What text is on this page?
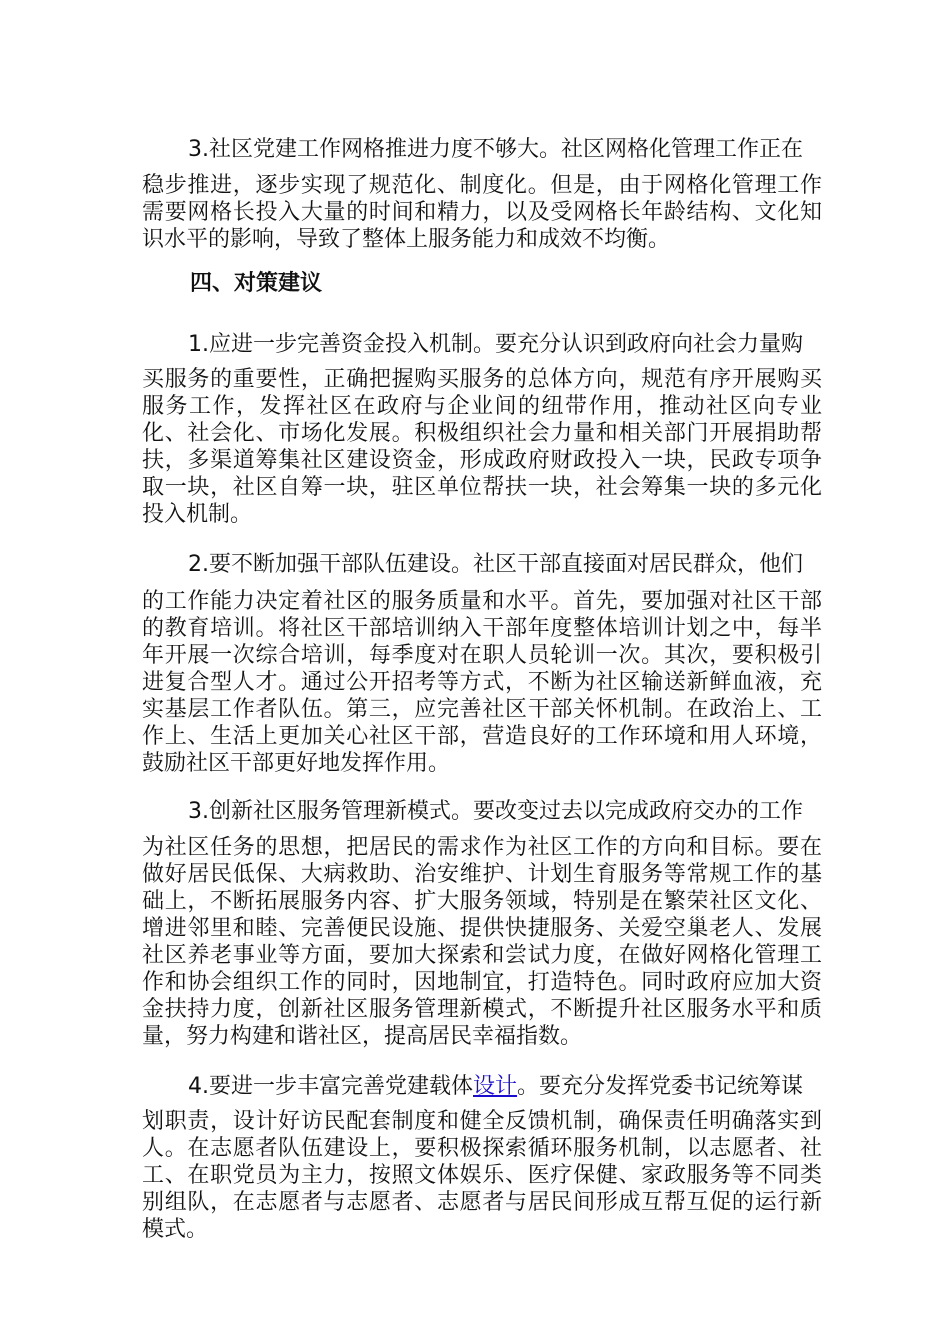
3.社区党建工作网格推进力度不够大。社区网格化管理工作正在

稳步推进，逐步实现了规范化、制度化。但是，由于网格化管理工作需要网格长投入大量的时间和精力，以及受网格长年龄结构、文化知识水平的影响，导致了整体上服务能力和成效不均衡。

四、对策建议

1.应进一步完善资金投入机制。要充分认识到政府向社会力量购

买服务的重要性，正确把握购买服务的总体方向，规范有序开展购买服务工作，发挥社区在政府与企业间的纽带作用，推动社区向专业化、社会化、市场化发展。积极组织社会力量和相关部门开展捐助帮扶，多渠道筹集社区建设资金，形成政府财政投入一块，民政专项争取一块，社区自筹一块，驻区单位帮扶一块，社会筹集一块的多元化投入机制。

2.要不断加强干部队伍建设。社区干部直接面对居民群众，他们

的工作能力决定着社区的服务质量和水平。首先，要加强对社区干部的教育培训。将社区干部培训纳入干部年度整体培训计划之中，每半年开展一次综合培训，每季度对在职人员轮训一次。其次，要积极引进复合型人才。通过公开招考等方式，不断为社区输送新鲜血液，充实基层工作者队伍。第三，应完善社区干部关怀机制。在政治上、工作上、生活上更加关心社区干部，营造良好的工作环境和用人环境，鼓励社区干部更好地发挥作用。

3.创新社区服务管理新模式。要改变过去以完成政府交办的工作

为社区任务的思想，把居民的需求作为社区工作的方向和目标。要在做好居民低保、大病救助、治安维护、计划生育服务等常规工作的基础上，不断拓展服务内容、扩大服务领域，特别是在繁荣社区文化、增进邻里和睦、完善便民设施、提供快捷服务、关爱空巢老人、发展社区养老事业等方面，要加大探索和尝试力度，在做好网格化管理工作和协会组织工作的同时，因地制宜，打造特色。同时政府应加大资金扶持力度，创新社区服务管理新模式，不断提升社区服务水平和质量，努力构建和谐社区，提高居民幸福指数。

4.要进一步丰富完善党建载体设计。要充分发挥党委书记统筹谋

划职责，设计好访民配套制度和健全反馈机制，确保责任明确落实到人。在志愿者队伍建设上，要积极探索循环服务机制，以志愿者、社工、在职党员为主力，按照文体娱乐、医疗保健、家政服务等不同类别组队，在志愿者与志愿者、志愿者与居民间形成互帮互促的运行新模式。
